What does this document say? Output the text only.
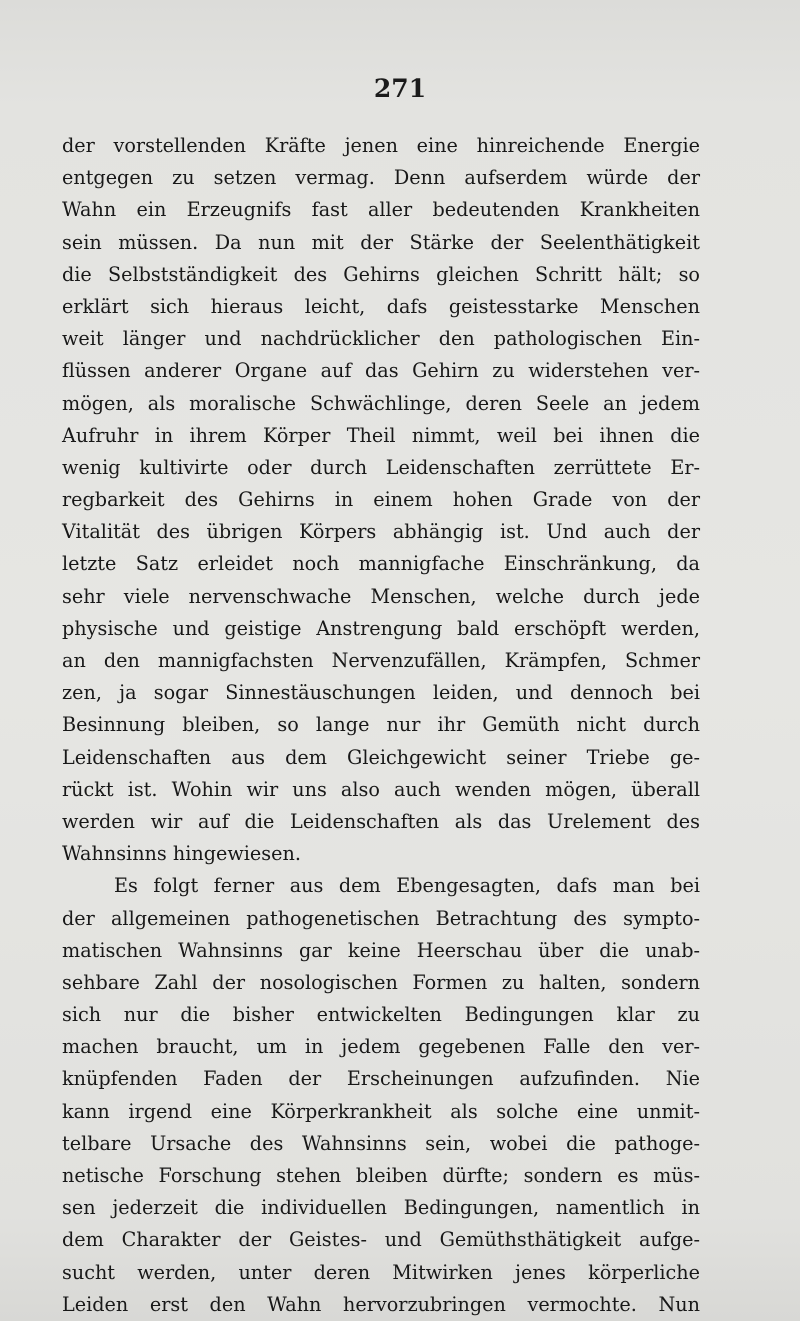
271
der vorstellenden Kräfte jenen eine hinreichende Energie
entgegen zu setzen vermag. Denn aufserdem würde der
Wahn ein Erzeugnifs fast aller bedeutenden Krankheiten
sein müssen. Da nun mit der Stärke der Seelenthätigkeit
die Selbstständigkeit des Gehirns gleichen Schritt hält; so
erklärt sich hieraus leicht, dafs geistesstarke Menschen
weit länger und nachdrücklicher den pathologischen Ein-
flüssen anderer Organe auf das Gehirn zu widerstehen ver-
mögen, als moralische Schwächlinge, deren Seele an jedem
Aufruhr in ihrem Körper Theil nimmt, weil bei ihnen die
wenig kultivirte oder durch Leidenschaften zerrüttete Er-
regbarkeit des Gehirns in einem hohen Grade von der
Vitalität des übrigen Körpers abhängig ist. Und auch der
letzte Satz erleidet noch mannigfache Einschränkung, da
sehr viele nervenschwache Menschen, welche durch jede
physische und geistige Anstrengung bald erschöpft werden,
an den mannigfachsten Nervenzufällen, Krämpfen, Schmer
zen, ja sogar Sinnestäuschungen leiden, und dennoch bei
Besinnung bleiben, so lange nur ihr Gemüth nicht durch
Leidenschaften aus dem Gleichgewicht seiner Triebe ge-
rückt ist. Wohin wir uns also auch wenden mögen, überall
werden wir auf die Leidenschaften als das Urelement des
Wahnsinns hingewiesen.
Es folgt ferner aus dem Ebengesagten, dafs man bei
der allgemeinen pathogenetischen Betrachtung des sympto-
matischen Wahnsinns gar keine Heerschau über die unab-
sehbare Zahl der nosologischen Formen zu halten, sondern
sich nur die bisher entwickelten Bedingungen klar zu
machen braucht, um in jedem gegebenen Falle den ver-
knüpfenden Faden der Erscheinungen aufzufinden. Nie
kann irgend eine Körperkrankheit als solche eine unmit-
telbare Ursache des Wahnsinns sein, wobei die pathoge-
netische Forschung stehen bleiben dürfte; sondern es müs-
sen jederzeit die individuellen Bedingungen, namentlich in
dem Charakter der Geistes- und Gemüthsthätigkeit aufge-
sucht werden, unter deren Mitwirken jenes körperliche
Leiden erst den Wahn hervorzubringen vermochte. Nun
